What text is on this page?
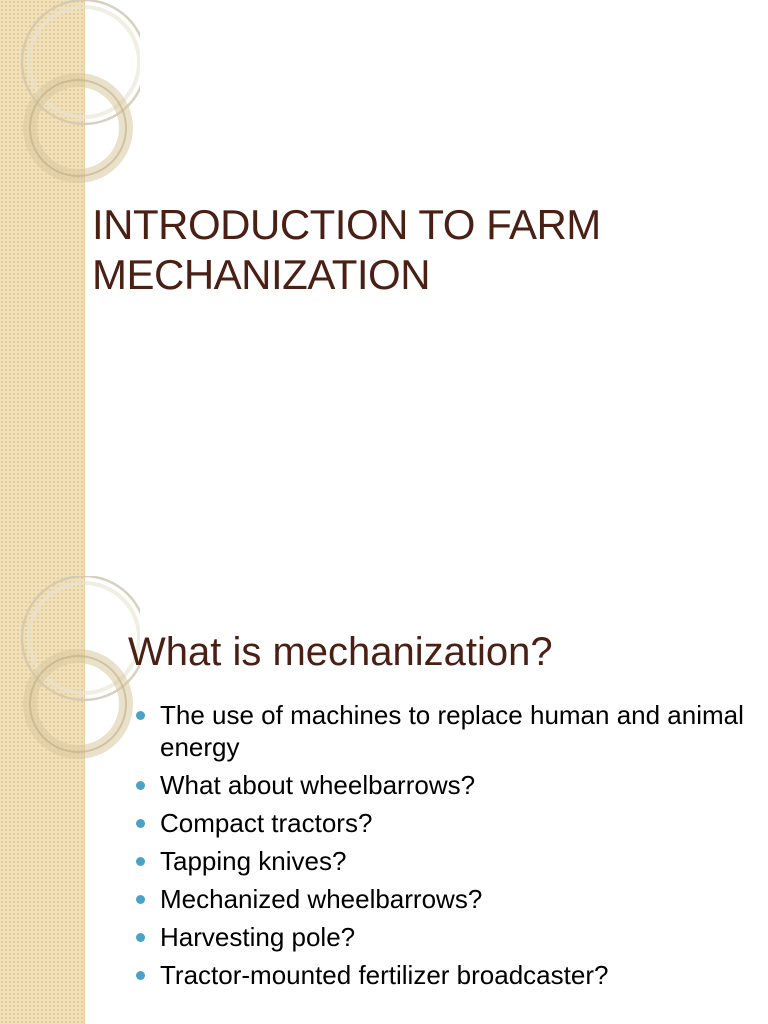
INTRODUCTION TO FARM
MECHANIZATION
What is mechanization?
The use of machines to replace human and animal energy
What about wheelbarrows?
Compact tractors?
Tapping knives?
Mechanized wheelbarrows?
Harvesting pole?
Tractor-mounted fertilizer broadcaster?
